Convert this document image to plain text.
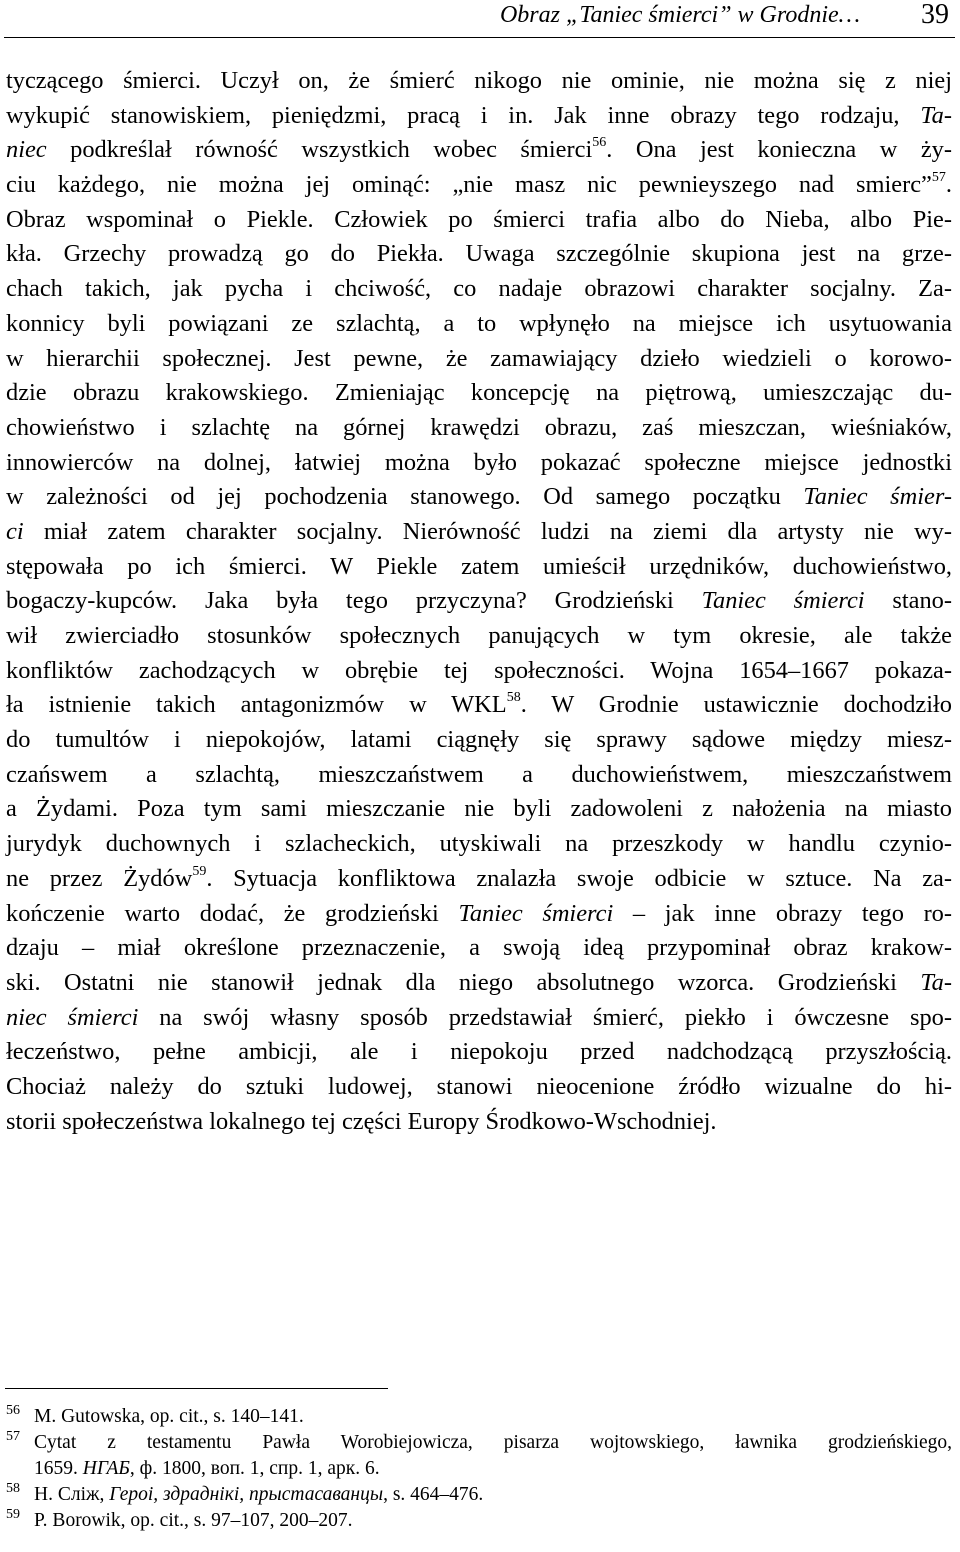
Obraz „Taniec śmierci” w Grodnie… 39
tyczącego śmierci. Uczył on, że śmierć nikogo nie ominie, nie można się z niej
wykupić stanowiskiem, pieniędzmi, pracą i in. Jak inne obrazy tego rodzaju, Ta-
niec podkreślał równość wszystkich wobec śmierci$^{56}$. Ona jest konieczna w ży-
ciu każdego, nie można jej ominąć: „nie masz nic pewnieyszego nad smierc”$^{57}$.
Obraz wspominał o Piekle. Człowiek po śmierci trafia albo do Nieba, albo Pie-
kła. Grzechy prowadzą go do Piekła. Uwaga szczególnie skupiona jest na grze-
chach takich, jak pycha i chciwość, co nadaje obrazowi charakter socjalny. Za-
konnicy byli powiązani ze szlachtą, a to wpłynęło na miejsce ich usytuowania
w hierarchii społecznej. Jest pewne, że zamawiający dzieło wiedzieli o korowo-
dzie obrazu krakowskiego. Zmieniając koncepcję na piętrową, umieszczając du-
chowieństwo i szlachtę na górnej krawędzi obrazu, zaś mieszczan, wieśniaków,
innowierców na dolnej, łatwiej można było pokazać społeczne miejsce jednostki
w zależności od jej pochodzenia stanowego. Od samego początku Taniec śmier-
ci miał zatem charakter socjalny. Nierówność ludzi na ziemi dla artysty nie wy-
stępowała po ich śmierci. W Piekle zatem umieścił urzędników, duchowieństwo,
bogaczy-kupców. Jaka była tego przyczyna? Grodzieński Taniec śmierci stano-
wił zwierciadło stosunków społecznych panujących w tym okresie, ale także
konfliktów zachodzących w obrębie tej społeczności. Wojna 1654–1667 pokaza-
ła istnienie takich antagonizmów w WKL$^{58}$. W Grodnie ustawicznie dochodziło
do tumultów i niepokojów, latami ciągnęły się sprawy sądowe między miesz-
czańswem a szlachtą, mieszczaństwem a duchowieństwem, mieszczaństwem
a Żydami. Poza tym sami mieszczanie nie byli zadowoleni z nałożenia na miasto
jurydyk duchownych i szlacheckich, utyskiwali na przeszkody w handlu czynio-
ne przez Żydów$^{59}$. Sytuacja konfliktowa znalazła swoje odbicie w sztuce. Na za-
kończenie warto dodać, że grodzieński Taniec śmierci – jak inne obrazy tego ro-
dzaju – miał określone przeznaczenie, a swoją ideą przypominał obraz krakow-
ski. Ostatni nie stanowił jednak dla niego absolutnego wzorca. Grodzieński Ta-
niec śmierci na swój własny sposób przedstawiał śmierć, piekło i ówczesne spo-
łeczeństwo, pełne ambicji, ale i niepokoju przed nadchodzącą przyszłością.
Chociaż należy do sztuki ludowej, stanowi nieocenione źródło wizualne do hi-
storii społeczeństwa lokalnego tej części Europy Środkowo-Wschodniej.
56 M. Gutowska, op. cit., s. 140–141.
57 Cytat z testamentu Pawła Worobiejowicza, pisarza wojtowskiego, ławnika grodzieńskiego,
1659. НГАБ, ф. 1800, воп. 1, спр. 1, арк. 6.
58 Н. Сліж, Героі, здраднікі, прыстасаванцы, s. 464–476.
59 P. Borowik, op. cit., s. 97–107, 200–207.
